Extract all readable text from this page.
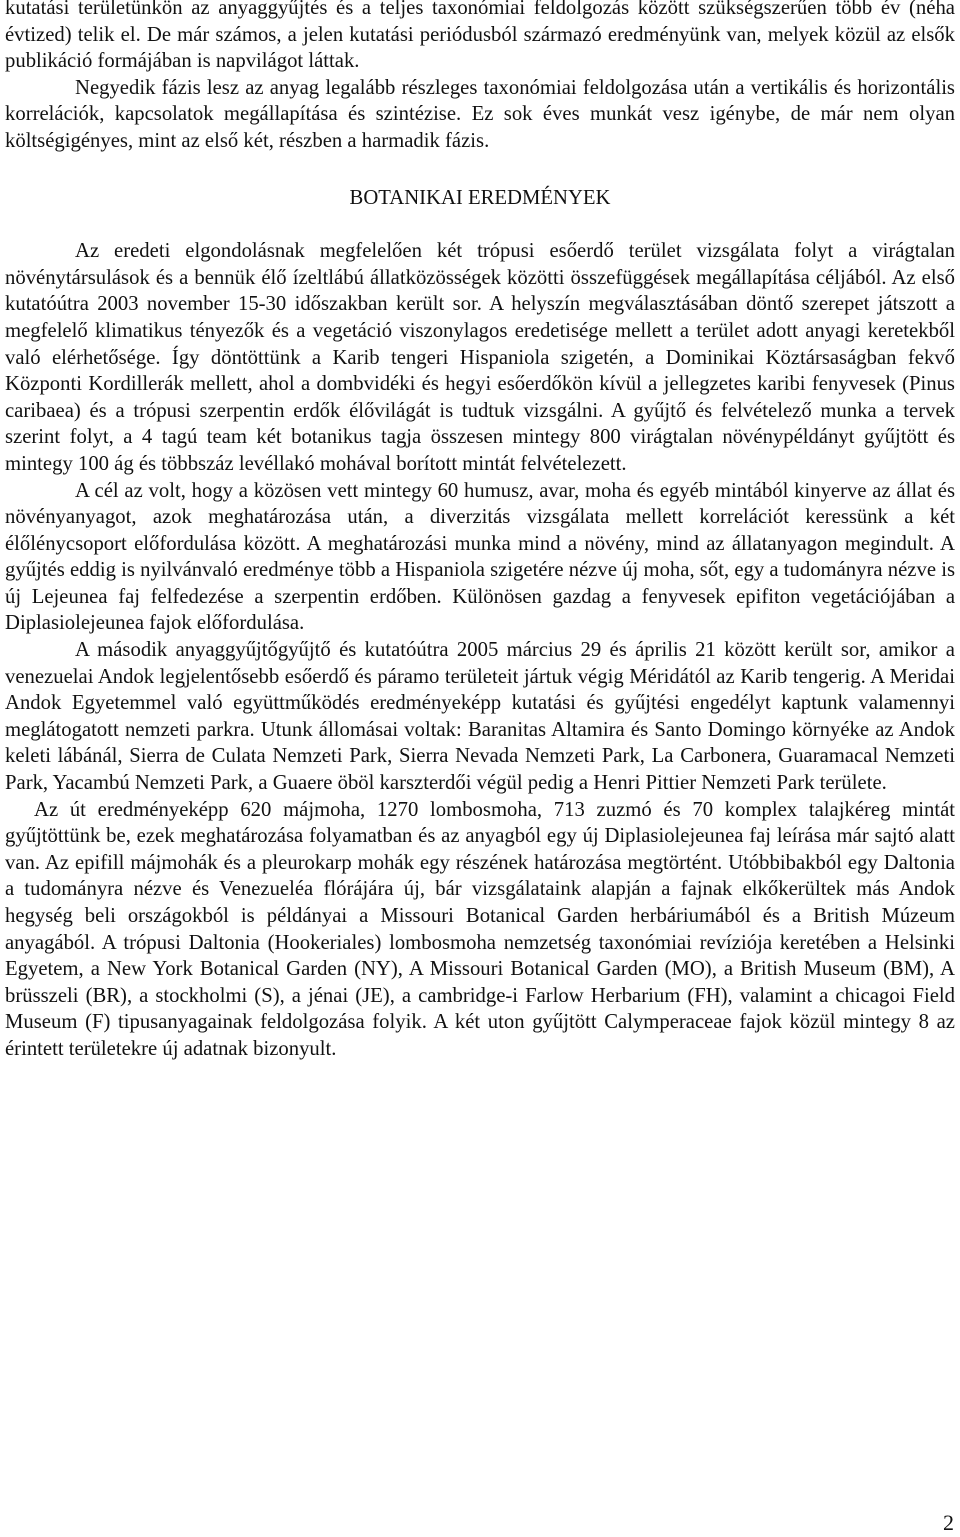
kutatási területünkön az anyaggyűjtés és a teljes taxonómiai feldolgozás között szükségszerűen több év (néha évtized) telik el. De már számos, a jelen kutatási periódusból származó eredményünk van, melyek közül az elsők publikáció formájában is napvilágot láttak.

Negyedik fázis lesz az anyag legalább részleges taxonómiai feldolgozása után a vertikális és horizontális korrelációk, kapcsolatok megállapítása és szintézise. Ez sok éves munkát vesz igénybe, de már nem olyan költségigényes, mint az első két, részben a harmadik fázis.

BOTANIKAI EREDMÉNYEK

Az eredeti elgondolásnak megfelelően két trópusi esőerdő terület vizsgálata folyt a virágtalan növénytársulások és a bennük élő ízeltlábú állatközösségek közötti összefüggések megállapítása céljából. Az első kutatóútra 2003 november 15-30 időszakban került sor. A helyszín megválasztásában döntő szerepet játszott a megfelelő klimatikus tényezők és a vegetáció viszonylagos eredetisége mellett a terület adott anyagi keretekből való elérhetősége. Így döntöttünk a Karib tengeri Hispaniola szigetén, a Dominikai Köztársaságban fekvő Központi Kordillerák mellett, ahol a dombvidéki és hegyi esőerdőkön kívül a jellegzetes karibi fenyvesek (Pinus caribaea) és a trópusi szerpentin erdők élővilágát is tudtuk vizsgálni. A gyűjtő és felvételező munka a tervek szerint folyt, a 4 tagú team két botanikus tagja összesen mintegy 800 virágtalan növénypéldányt gyűjtött és mintegy 100 ág és többszáz levéllakó mohával borított mintát felvételezett.

A cél az volt, hogy a közösen vett mintegy 60 humusz, avar, moha és egyéb mintából kinyerve az állat és növényanyagot, azok meghatározása után, a diverzitás vizsgálata mellett korrelációt keressünk a két élőlénycsoport előfordulása között. A meghatározási munka mind a növény, mind az állatanyagon megindult. A gyűjtés eddig is nyilvánvaló eredménye több a Hispaniola szigetére nézve új moha, sőt, egy a tudományra nézve is új Lejeunea faj felfedezése a szerpentin erdőben. Különösen gazdag a fenyvesek epifiton vegetációjában a Diplasiolejeunea fajok előfordulása.

A második anyaggyűjtőgyűjtő és kutatóútra 2005 március 29 és április 21 között került sor, amikor a venezuelai Andok legjelentősebb esőerdő és páramo területeit jártuk végig Méridától az Karib tengerig. A Meridai Andok Egyetemmel való együttműködés eredményeképp kutatási és gyűjtési engedélyt kaptunk valamennyi meglátogatott nemzeti parkra. Utunk állomásai voltak: Baranitas Altamira és Santo Domingo környéke az Andok keleti lábánál, Sierra de Culata Nemzeti Park, Sierra Nevada Nemzeti Park, La Carbonera, Guaramacal Nemzeti Park, Yacambú Nemzeti Park, a Guaere öböl karszterdői végül pedig a Henri Pittier Nemzeti Park területe.

Az út eredményeképp 620 májmoha, 1270 lombosmoha, 713 zuzmó és 70 komplex talajkéreg mintát gyűjtöttünk be, ezek meghatározása folyamatban és az anyagból egy új Diplasiolejeunea faj leírása már sajtó alatt van. Az epifill májmohák és a pleurokarp mohák egy részének határozása megtörtént. Utóbbibakból egy Daltonia a tudományra nézve és Venezueléa flórájára új, bár vizsgálataink alapján a fajnak elkőkerültek más Andok hegység beli országokból is példányai a Missouri Botanical Garden herbáriumából és a British Múzeum anyagából. A trópusi Daltonia (Hookeriales) lombosmoha nemzetség taxonómiai revíziója keretében a Helsinki Egyetem, a New York Botanical Garden (NY), A Missouri Botanical Garden (MO), a British Museum (BM), A brüsszeli (BR), a stockholmi (S), a jénai (JE), a cambridge-i Farlow Herbarium (FH), valamint a chicagoi Field Museum (F) tipusanyagainak feldolgozása folyik. A két uton gyűjtött Calymperaceae fajok közül mintegy 8 az érintett területekre új adatnak bizonyult.

2
